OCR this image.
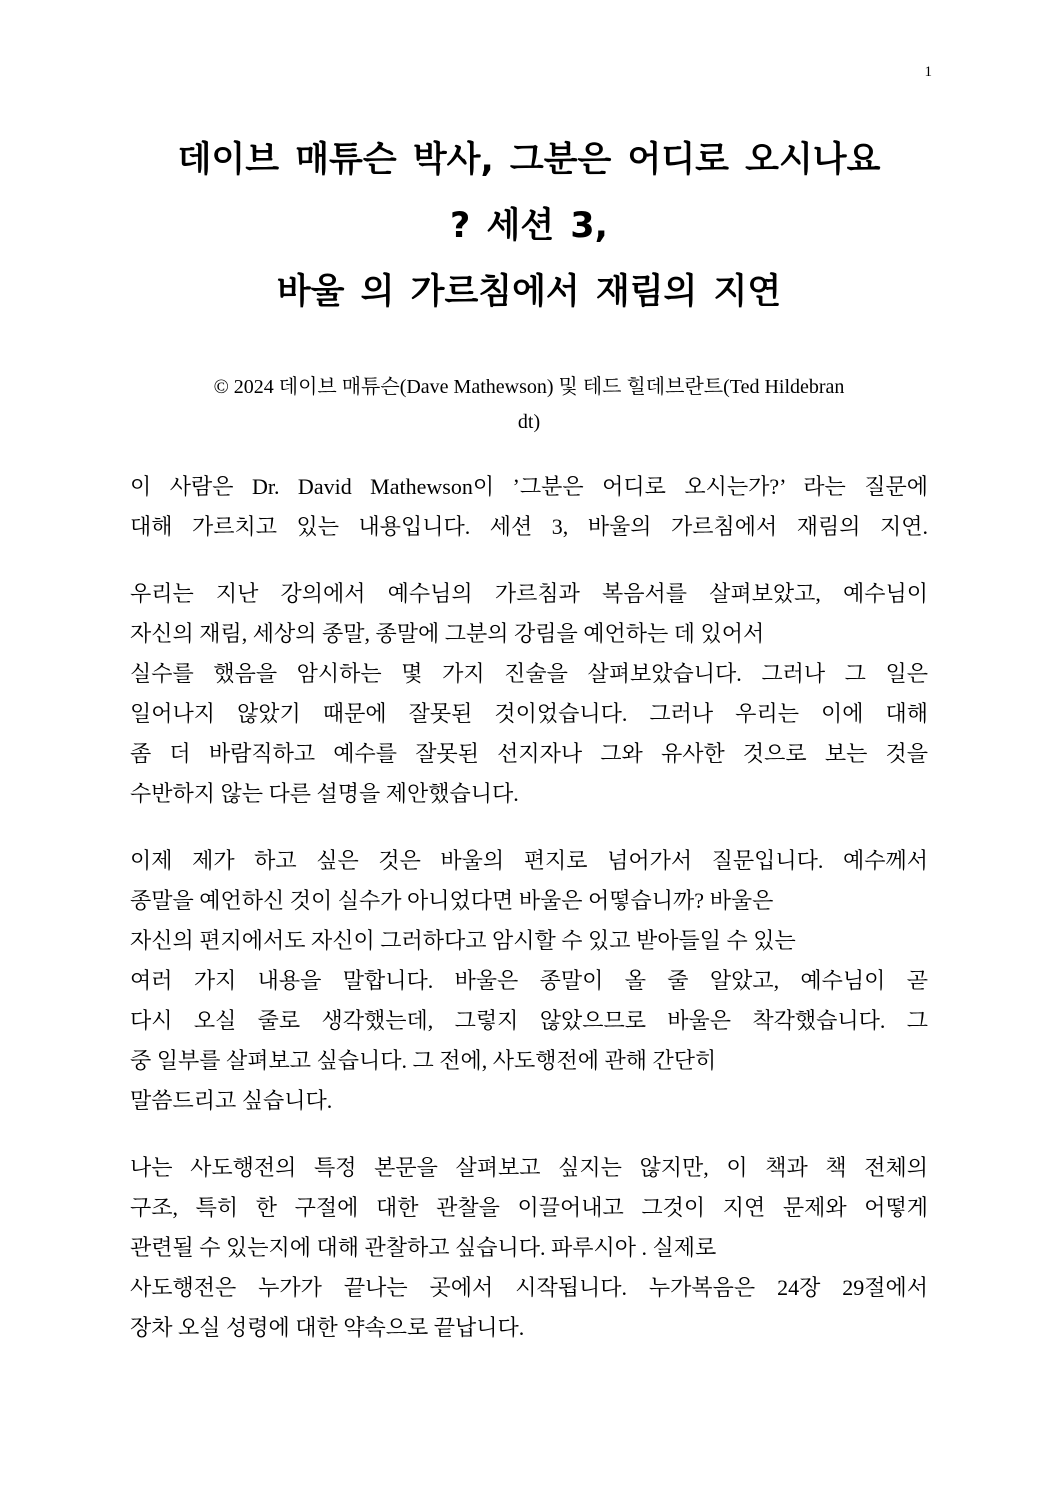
1
데이브 매튜슨 박사, 그분은 어디로 오시나요
? 세션 3,
바울 의 가르침에서 재림의 지연
© 2024 데이브 매튜슨(Dave Mathewson) 및 테드 힐데브란트(Ted Hildebran
dt)
이 사람은 Dr. David Mathewson이 ’그분은 어디로 오시는가?’ 라는 질문에
대해 가르치고 있는 내용입니다. 세션 3, 바울의 가르침에서 재림의 지연.
우리는 지난 강의에서 예수님의 가르침과 복음서를 살펴보았고, 예수님이
자신의 재림, 세상의 종말, 종말에 그분의 강림을 예언하는 데 있어서
실수를 했음을 암시하는 몇 가지 진술을 살펴보았습니다. 그러나 그 일은
일어나지 않았기 때문에 잘못된 것이었습니다. 그러나 우리는 이에 대해
좀 더 바람직하고 예수를 잘못된 선지자나 그와 유사한 것으로 보는 것을
수반하지 않는 다른 설명을 제안했습니다.
이제 제가 하고 싶은 것은 바울의 편지로 넘어가서 질문입니다. 예수께서
종말을 예언하신 것이 실수가 아니었다면 바울은 어떻습니까? 바울은
자신의 편지에서도 자신이 그러하다고 암시할 수 있고 받아들일 수 있는
여러 가지 내용을 말합니다. 바울은 종말이 올 줄 알았고, 예수님이 곧
다시 오실 줄로 생각했는데, 그렇지 않았으므로 바울은 착각했습니다. 그
중 일부를 살펴보고 싶습니다. 그 전에, 사도행전에 관해 간단히
말씀드리고 싶습니다.
나는 사도행전의 특정 본문을 살펴보고 싶지는 않지만, 이 책과 책 전체의
구조, 특히 한 구절에 대한 관찰을 이끌어내고 그것이 지연 문제와 어떻게
관련될 수 있는지에 대해 관찰하고 싶습니다. 파루시아 . 실제로
사도행전은 누가가 끝나는 곳에서 시작됩니다. 누가복음은 24장 29절에서
장차 오실 성령에 대한 약속으로 끝납니다.
